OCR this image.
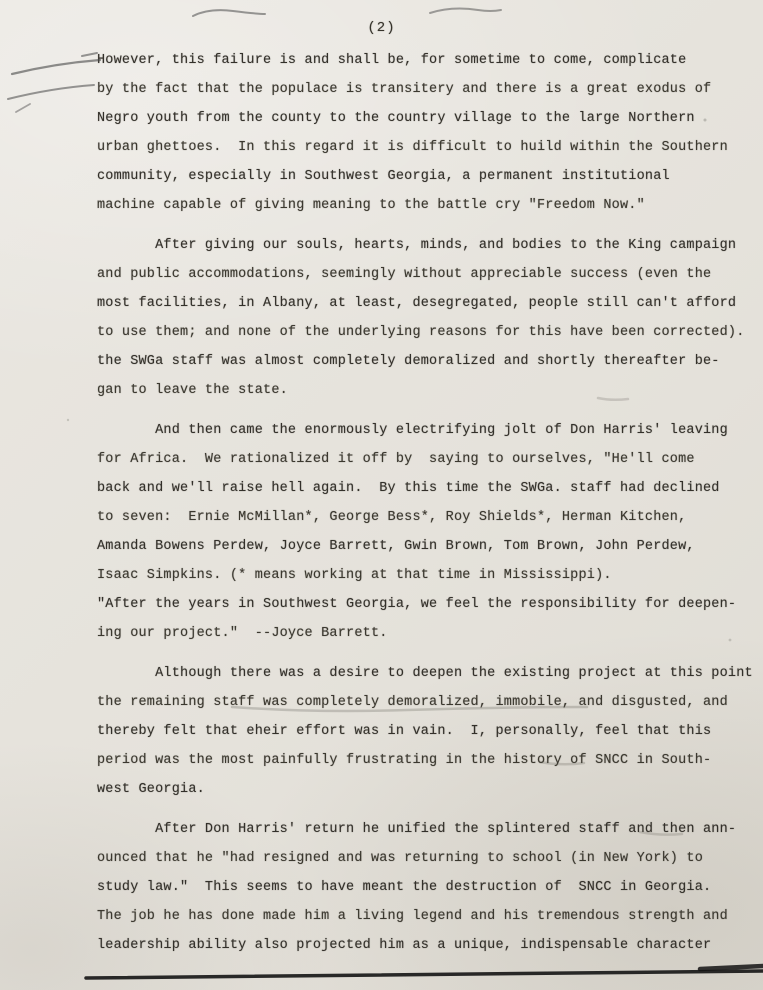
(2)
However, this failure is and shall be, for sometime to come, complicate
by the fact that the populace is transitery and there is a great exodus of
Negro youth from the county to the country village to the large Northern
urban ghettoes.  In this regard it is difficult to huild within the Southern
community, especially in Southwest Georgia, a permanent institutional
machine capable of giving meaning to the battle cry "Freedom Now."
After giving our souls, hearts, minds, and bodies to the King campaign
and public accommodations, seemingly without appreciable success (even the
most facilities, in Albany, at least, desegregated, people still can't afford
to use them; and none of the underlying reasons for this have been corrected).
the SWGa staff was almost completely demoralized and shortly thereafter be-
gan to leave the state.
And then came the enormously electrifying jolt of Don Harris' leaving
for Africa.  We rationalized it off by  saying to ourselves, "He'll come
back and we'll raise hell again.  By this time the SWGa. staff had declined
to seven:  Ernie McMillan*, George Bess*, Roy Shields*, Herman Kitchen,
Amanda Bowens Perdew, Joyce Barrett, Gwin Brown, Tom Brown, John Perdew,
Isaac Simpkins. (* means working at that time in Mississippi).
"After the years in Southwest Georgia, we feel the responsibility for deepen-
ing our project."  --Joyce Barrett.
Although there was a desire to deepen the existing project at this point
the remaining staff was completely demoralized, immobile, and disgusted, and
thereby felt that eheir effort was in vain.  I, personally, feel that this
period was the most painfully frustrating in the history of SNCC in South-
west Georgia.
After Don Harris' return he unified the splintered staff and then ann-
ounced that he "had resigned and was returning to school (in New York) to
study law."  This seems to have meant the destruction of  SNCC in Georgia.
The job he has done made him a living legend and his tremendous strength and
leadership ability also projected him as a unique, indispensable character
